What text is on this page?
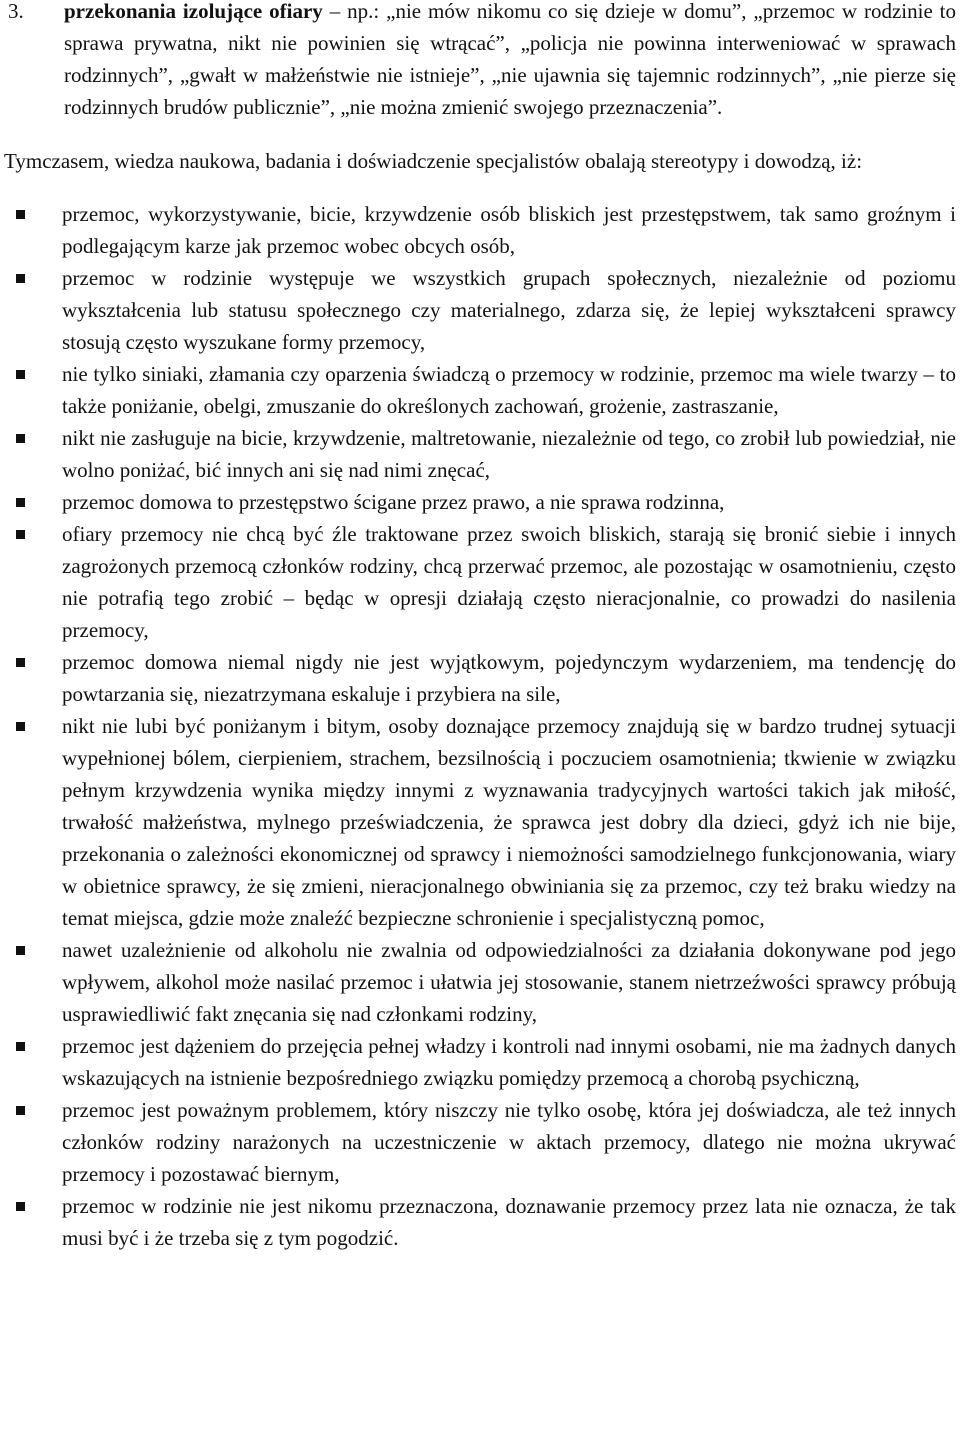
3. przekonania izolujące ofiary – np.: „nie mów nikomu co się dzieje w domu”, „przemoc w rodzinie to sprawa prywatna, nikt nie powinien się wtrącać”, „policja nie powinna interweniować w sprawach rodzinnych”, „gwałt w małżeństwie nie istnieje”, „nie ujawnia się tajemnic rodzinnych”, „nie pierze się rodzinnych brudów publicznie”, „nie można zmienić swojego przeznaczenia”.

Tymczasem, wiedza naukowa, badania i doświadczenie specjalistów obalają stereotypy i dowodzą, iż:

przemoc, wykorzystywanie, bicie, krzywdzenie osób bliskich jest przestępstwem, tak samo groźnym i podlegającym karze jak przemoc wobec obcych osób,
przemoc w rodzinie występuje we wszystkich grupach społecznych, niezależnie od poziomu wykształcenia lub statusu społecznego czy materialnego, zdarza się, że lepiej wykształceni sprawcy stosują często wyszukane formy przemocy,
nie tylko siniaki, złamania czy oparzenia świadczą o przemocy w rodzinie, przemoc ma wiele twarzy – to także poniżanie, obelgi, zmuszanie do określonych zachowań, grożenie, zastraszanie,
nikt nie zasługuje na bicie, krzywdzenie, maltretowanie, niezależnie od tego, co zrobił lub powiedział, nie wolno poniżać, bić innych ani się nad nimi znęcać,
przemoc domowa to przestępstwo ścigane przez prawo, a nie sprawa rodzinna,
ofiary przemocy nie chcą być źle traktowane przez swoich bliskich, starają się bronić siebie i innych zagrożonych przemocą członków rodziny, chcą przerwać przemoc, ale pozostając w osamotnieniu, często nie potrafią tego zrobić – będąc w opresji działają często nieracjonalnie, co prowadzi do nasilenia przemocy,
przemoc domowa niemal nigdy nie jest wyjątkowym, pojedynczym wydarzeniem, ma tendencję do powtarzania się, niezatrzymana eskaluje i przybiera na sile,
nikt nie lubi być poniżanym i bitym, osoby doznające przemocy znajdują się w bardzo trudnej sytuacji wypełnionej bólem, cierpieniem, strachem, bezsilnością i poczuciem osamotnienia; tkwienie w związku pełnym krzywdzenia wynika między innymi z wyznawania tradycyjnych wartości takich jak miłość, trwałość małżeństwa, mylnego przeświadczenia, że sprawca jest dobry dla dzieci, gdyż ich nie bije, przekonania o zależności ekonomicznej od sprawcy i niemożności samodzielnego funkcjonowania, wiary w obietnice sprawcy, że się zmieni, nieracjonalnego obwiniania się za przemoc, czy też braku wiedzy na temat miejsca, gdzie może znaleźć bezpieczne schronienie i specjalistyczną pomoc,
nawet uzależnienie od alkoholu nie zwalnia od odpowiedzialności za działania dokonywane pod jego wpływem, alkohol może nasilać przemoc i ułatwia jej stosowanie, stanem nietrzeźwości sprawcy próbują usprawiedliwić fakt znęcania się nad członkami rodziny,
przemoc jest dążeniem do przejęcia pełnej władzy i kontroli nad innymi osobami, nie ma żadnych danych wskazujących na istnienie bezpośredniego związku pomiędzy przemocą a chorobą psychiczną,
przemoc jest poważnym problemem, który niszczy nie tylko osobę, która jej doświadcza, ale też innych członków rodziny narażonych na uczestniczenie w aktach przemocy, dlatego nie można ukrywać przemocy i pozostawać biernym,
przemoc w rodzinie nie jest nikomu przeznaczona, doznawanie przemocy przez lata nie oznacza, że tak musi być i że trzeba się z tym pogodzić.
